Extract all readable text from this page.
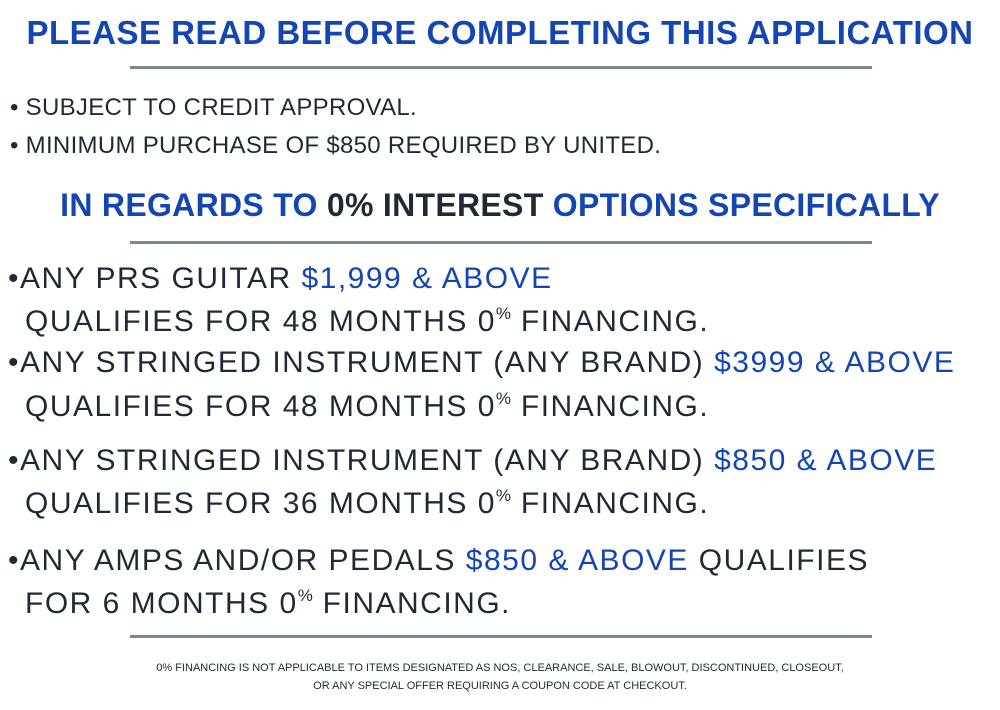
PLEASE READ BEFORE COMPLETING THIS APPLICATION
• SUBJECT TO CREDIT APPROVAL.
• MINIMUM PURCHASE OF $850 REQUIRED BY UNITED.
IN REGARDS TO 0% INTEREST OPTIONS SPECIFICALLY
•ANY PRS GUITAR $1,999 & ABOVE
QUALIFIES FOR 48 MONTHS 0% FINANCING.
•ANY STRINGED INSTRUMENT (ANY BRAND) $3999 & ABOVE
QUALIFIES FOR 48 MONTHS 0% FINANCING.
•ANY STRINGED INSTRUMENT (ANY BRAND) $850 & ABOVE
QUALIFIES FOR 36 MONTHS 0% FINANCING.
•ANY AMPS AND/OR PEDALS $850 & ABOVE QUALIFIES
FOR 6 MONTHS 0% FINANCING.
0% FINANCING IS NOT APPLICABLE TO ITEMS DESIGNATED AS NOS, CLEARANCE, SALE, BLOWOUT, DISCONTINUED, CLOSEOUT,
OR ANY SPECIAL OFFER REQUIRING A COUPON CODE AT CHECKOUT.
